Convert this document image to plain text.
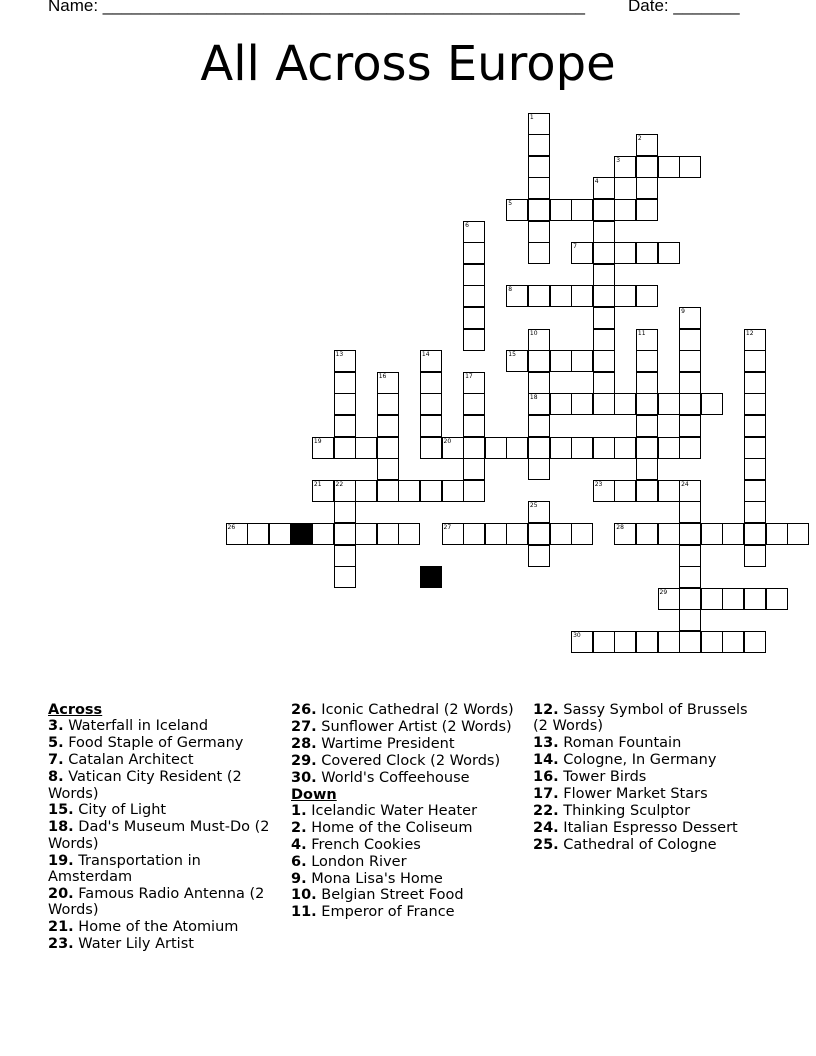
Name: ___________________________________________________	Date: _______
All Across Europe
3
5
7
8
15
18
19	20
21 22	23
26	27	28
29
30
1
2
4
6
9
10	11	12
13	14
16	17
24
25
Across
3. Waterfall in Iceland
5. Food Staple of Germany
7. Catalan Architect
8. Vatican City Resident (2 Words)
15. City of Light
18. Dad's Museum Must-Do (2 Words)
19. Transportation in Amsterdam
20. Famous Radio Antenna (2 Words)
21. Home of the Atomium
23. Water Lily Artist
26. Iconic Cathedral (2 Words)
27. Sunflower Artist (2 Words)
28. Wartime President
29. Covered Clock (2 Words)
30. World's Coffeehouse
Down
1. Icelandic Water Heater
2. Home of the Coliseum
4. French Cookies
6. London River
9. Mona Lisa's Home
10. Belgian Street Food
11. Emperor of France
12. Sassy Symbol of Brussels (2 Words)
13. Roman Fountain
14. Cologne, In Germany
16. Tower Birds
17. Flower Market Stars
22. Thinking Sculptor
24. Italian Espresso Dessert
25. Cathedral of Cologne
